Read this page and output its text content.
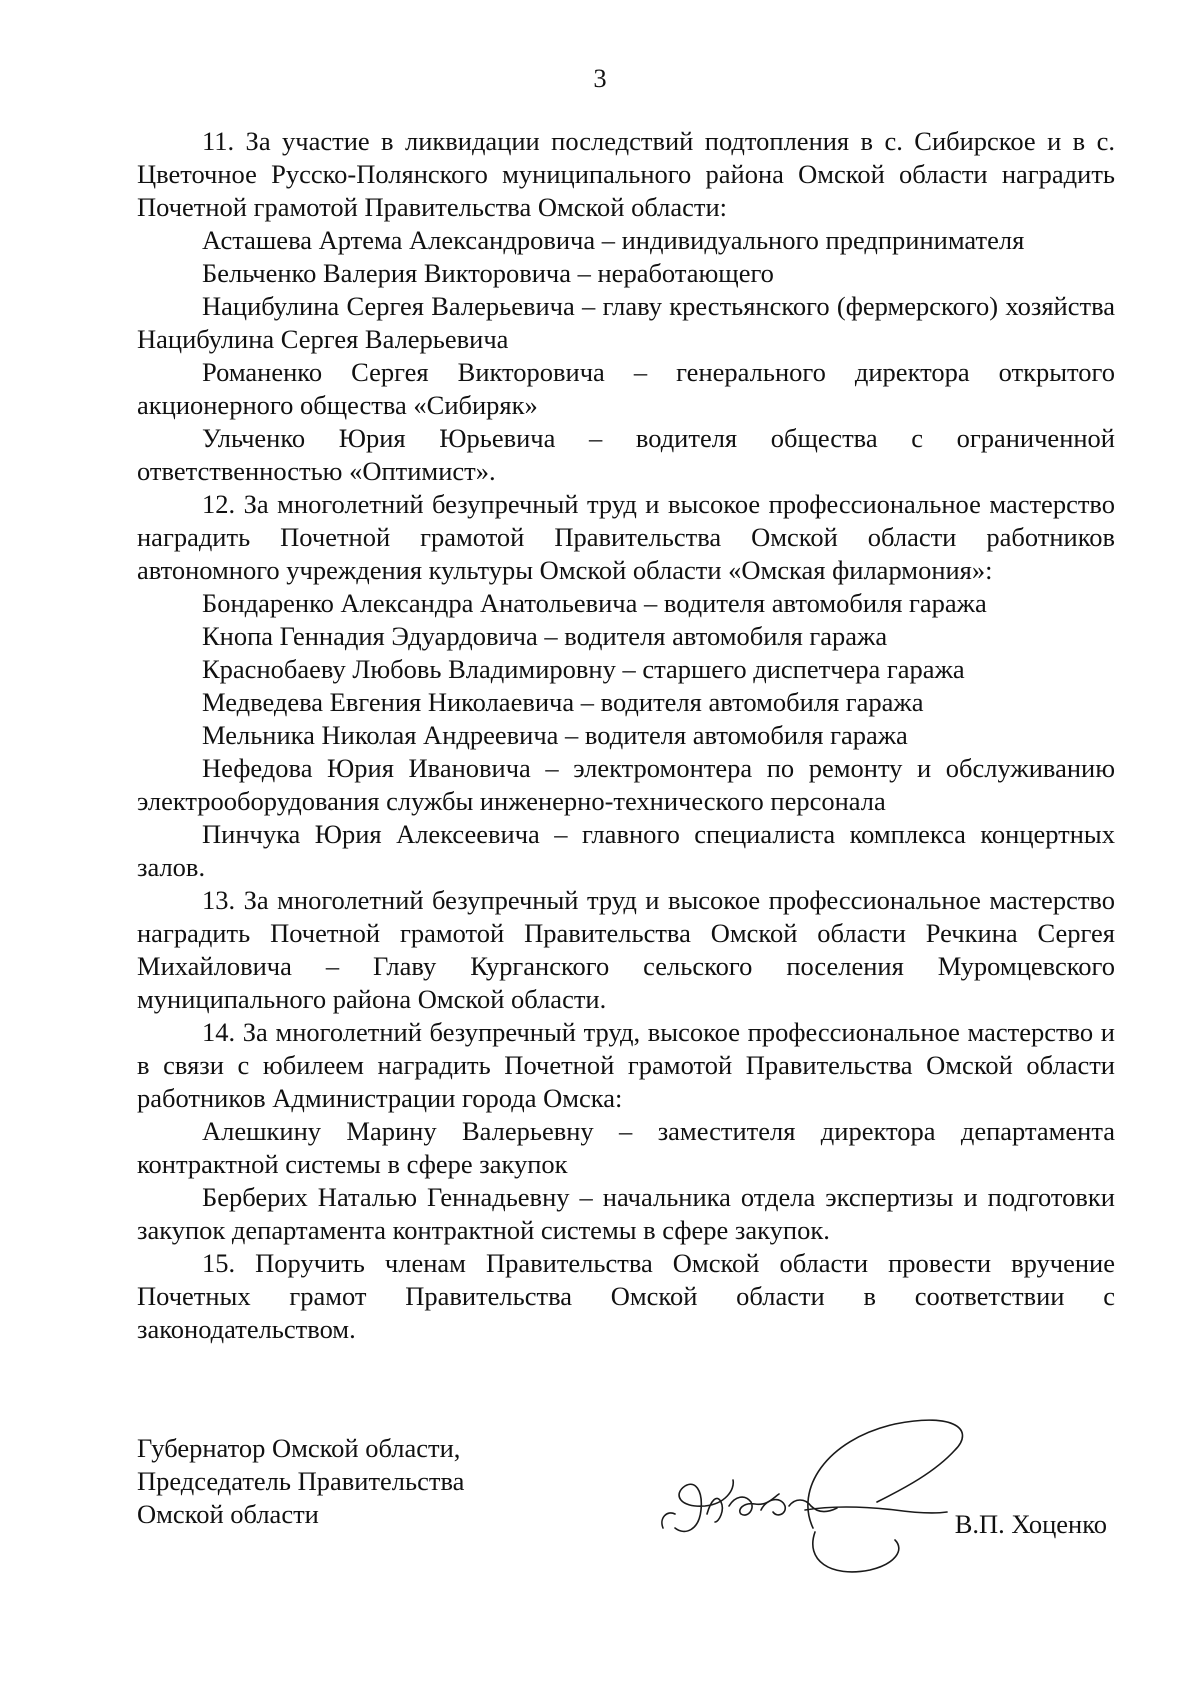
3

11. За участие в ликвидации последствий подтопления в с. Сибирское и в с. Цветочное Русско-Полянского муниципального района Омской области наградить Почетной грамотой Правительства Омской области:

Асташева Артема Александровича – индивидуального предпринимателя

Бельченко Валерия Викторовича – неработающего

Нацибулина Сергея Валерьевича – главу крестьянского (фермерского) хозяйства Нацибулина Сергея Валерьевича

Романенко Сергея Викторовича – генерального директора открытого акционерного общества «Сибиряк»

Ульченко Юрия Юрьевича – водителя общества с ограниченной ответственностью «Оптимист».

12. За многолетний безупречный труд и высокое профессиональное мастерство наградить Почетной грамотой Правительства Омской области работников автономного учреждения культуры Омской области «Омская филармония»:

Бондаренко Александра Анатольевича – водителя автомобиля гаража

Кнопа Геннадия Эдуардовича – водителя автомобиля гаража

Краснобаеву Любовь Владимировну – старшего диспетчера гаража

Медведева Евгения Николаевича – водителя автомобиля гаража

Мельника Николая Андреевича – водителя автомобиля гаража

Нефедова Юрия Ивановича – электромонтера по ремонту и обслуживанию электрооборудования службы инженерно-технического персонала

Пинчука Юрия Алексеевича – главного специалиста комплекса концертных залов.

13. За многолетний безупречный труд и высокое профессиональное мастерство наградить Почетной грамотой Правительства Омской области Речкина Сергея Михайловича – Главу Курганского сельского поселения Муромцевского муниципального района Омской области.

14. За многолетний безупречный труд, высокое профессиональное мастерство и в связи с юбилеем наградить Почетной грамотой Правительства Омской области работников Администрации города Омска:

Алешкину Марину Валерьевну – заместителя директора департамента контрактной системы в сфере закупок

Берберих Наталью Геннадьевну – начальника отдела экспертизы и подготовки закупок департамента контрактной системы в сфере закупок.

15. Поручить членам Правительства Омской области провести вручение Почетных грамот Правительства Омской области в соответствии с законодательством.

Губернатор Омской области,
Председатель Правительства
Омской области	В.П. Хоценко
